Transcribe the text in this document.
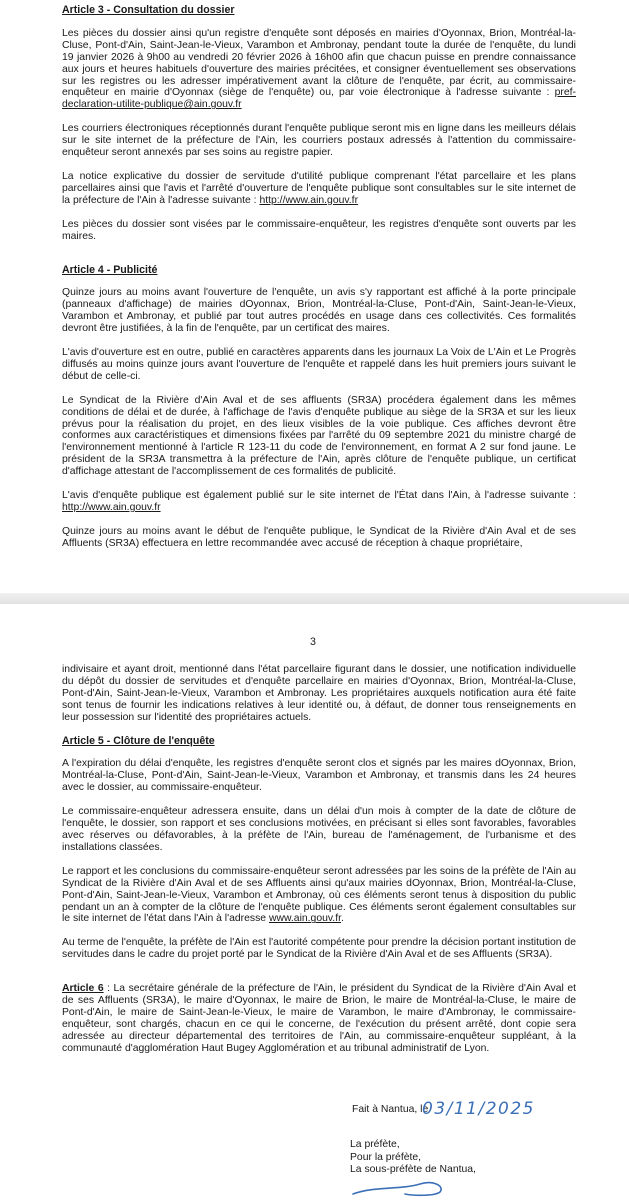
Article 3 - Consultation du dossier

Les pièces du dossier ainsi qu'un registre d'enquête sont déposés en mairies d'Oyonnax, Brion, Montréal-la-Cluse, Pont-d'Ain, Saint-Jean-le-Vieux, Varambon et Ambronay, pendant toute la durée de l'enquête, du lundi 19 janvier 2026 à 9h00 au vendredi 20 février 2026 à 16h00 afin que chacun puisse en prendre connaissance aux jours et heures habituels d'ouverture des mairies précitées, et consigner éventuellement ses observations sur les registres ou les adresser impérativement avant la clôture de l'enquête, par écrit, au commissaire-enquêteur en mairie d'Oyonnax (siège de l'enquête) ou, par voie électronique à l'adresse suivante : pref-declaration-utilite-publique@ain.gouv.fr

Les courriers électroniques réceptionnés durant l'enquête publique seront mis en ligne dans les meilleurs délais sur le site internet de la préfecture de l'Ain, les courriers postaux adressés à l'attention du commissaire-enquêteur seront annexés par ses soins au registre papier.

La notice explicative du dossier de servitude d'utilité publique comprenant l'état parcellaire et les plans parcellaires ainsi que l'avis et l'arrêté d'ouverture de l'enquête publique sont consultables sur le site internet de la préfecture de l'Ain à l'adresse suivante : http://www.ain.gouv.fr

Les pièces du dossier sont visées par le commissaire-enquêteur, les registres d'enquête sont ouverts par les maires.

Article 4 - Publicité

Quinze jours au moins avant l'ouverture de l'enquête, un avis s'y rapportant est affiché à la porte principale (panneaux d'affichage) de mairies dOyonnax, Brion, Montréal-la-Cluse, Pont-d'Ain, Saint-Jean-le-Vieux, Varambon et Ambronay, et publié par tout autres procédés en usage dans ces collectivités. Ces formalités devront être justifiées, à la fin de l'enquête, par un certificat des maires.

L'avis d'ouverture est en outre, publié en caractères apparents dans les journaux La Voix de L'Ain et Le Progrès diffusés au moins quinze jours avant l'ouverture de l'enquête et rappelé dans les huit premiers jours suivant le début de celle-ci.

Le Syndicat de la Rivière d'Ain Aval et de ses affluents (SR3A) procédera également dans les mêmes conditions de délai et de durée, à l'affichage de l'avis d'enquête publique au siège de la SR3A et sur les lieux prévus pour la réalisation du projet, en des lieux visibles de la voie publique. Ces affiches devront être conformes aux caractéristiques et dimensions fixées par l'arrêté du 09 septembre 2021 du ministre chargé de l'environnement mentionné à l'article R 123-11 du code de l'environnement, en format A 2 sur fond jaune. Le président de la SR3A transmettra à la préfecture de l'Ain, après clôture de l'enquête publique, un certificat d'affichage attestant de l'accomplissement de ces formalités de publicité.

L'avis d'enquête publique est également publié sur le site internet de l'État dans l'Ain, à l'adresse suivante : http://www.ain.gouv.fr

Quinze jours au moins avant le début de l'enquête publique, le Syndicat de la Rivière d'Ain Aval et de ses Affluents (SR3A) effectuera en lettre recommandée avec accusé de réception à chaque propriétaire,

3

indivisaire et ayant droit, mentionné dans l'état parcellaire figurant dans le dossier, une notification individuelle du dépôt du dossier de servitudes et d'enquête parcellaire en mairies d'Oyonnax, Brion, Montréal-la-Cluse, Pont-d'Ain, Saint-Jean-le-Vieux, Varambon et Ambronay. Les propriétaires auxquels notification aura été faite sont tenus de fournir les indications relatives à leur identité ou, à défaut, de donner tous renseignements en leur possession sur l'identité des propriétaires actuels.

Article 5 - Clôture de l'enquête

A l'expiration du délai d'enquête, les registres d'enquête seront clos et signés par les maires dOyonnax, Brion, Montréal-la-Cluse, Pont-d'Ain, Saint-Jean-le-Vieux, Varambon et Ambronay, et transmis dans les 24 heures avec le dossier, au commissaire-enquêteur.

Le commissaire-enquêteur adressera ensuite, dans un délai d'un mois à compter de la date de clôture de l'enquête, le dossier, son rapport et ses conclusions motivées, en précisant si elles sont favorables, favorables avec réserves ou défavorables, à la préfète de l'Ain, bureau de l'aménagement, de l'urbanisme et des installations classées.

Le rapport et les conclusions du commissaire-enquêteur seront adressées par les soins de la préfète de l'Ain au Syndicat de la Rivière d'Ain Aval et de ses Affluents ainsi qu'aux mairies dOyonnax, Brion, Montréal-la-Cluse, Pont-d'Ain, Saint-Jean-le-Vieux, Varambon et Ambronay, où ces éléments seront tenus à disposition du public pendant un an à compter de la clôture de l'enquête publique. Ces éléments seront également consultables sur le site internet de l'état dans l'Ain à l'adresse www.ain.gouv.fr.

Au terme de l'enquête, la préfète de l'Ain est l'autorité compétente pour prendre la décision portant institution de servitudes dans le cadre du projet porté par le Syndicat de la Rivière d'Ain Aval et de ses Affluents (SR3A).

Article 6 : La secrétaire générale de la préfecture de l'Ain, le président du Syndicat de la Rivière d'Ain Aval et de ses Affluents (SR3A), le maire d'Oyonnax, le maire de Brion, le maire de Montréal-la-Cluse, le maire de Pont-d'Ain, le maire de Saint-Jean-le-Vieux, le maire de Varambon, le maire d'Ambronay, le commissaire-enquêteur, sont chargés, chacun en ce qui le concerne, de l'exécution du présent arrêté, dont copie sera adressée au directeur départemental des territoires de l'Ain, au commissaire-enquêteur suppléant, à la communauté d'agglomération Haut Bugey Agglomération et au tribunal administratif de Lyon.

Fait à Nantua, le
03/11/2025
La préfète,
Pour la préfète,
La sous-préfète de Nantua,
